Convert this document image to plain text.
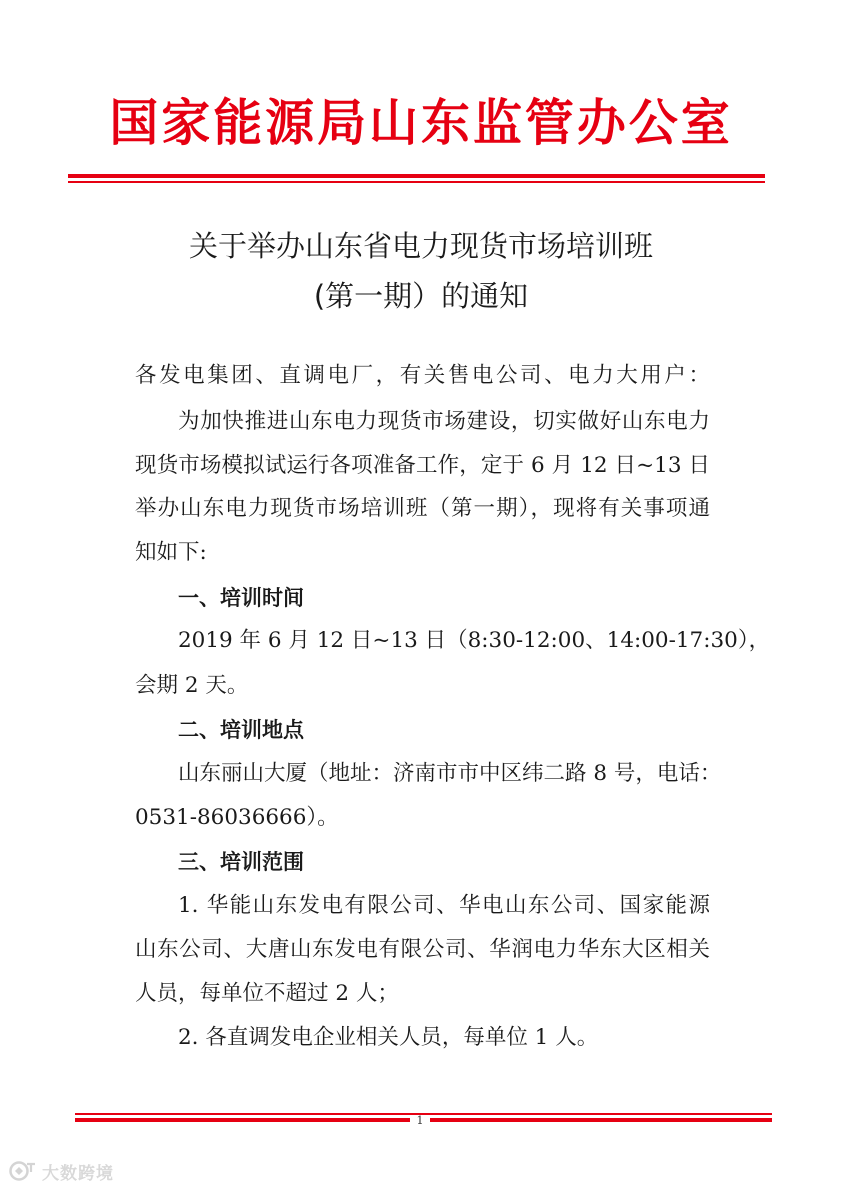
国家能源局山东监管办公室
关于举办山东省电力现货市场培训班
(第一期）的通知
各发电集团、直调电厂，有关售电公司、电力大用户：
为加快推进山东电力现货市场建设，切实做好山东电力
现货市场模拟试运行各项准备工作，定于 6 月 12 日~13 日
举办山东电力现货市场培训班（第一期），现将有关事项通
知如下:
一、培训时间
2019 年 6 月 12 日~13 日（8:30-12:00、14:00-17:30），
会期 2 天。
二、培训地点
山东丽山大厦（地址：济南市市中区纬二路 8 号，电话：
0531-86036666）。
三、培训范围
1. 华能山东发电有限公司、华电山东公司、国家能源
山东公司、大唐山东发电有限公司、华润电力华东大区相关
人员，每单位不超过 2 人；
2. 各直调发电企业相关人员，每单位 1 人。
1
大数跨境
